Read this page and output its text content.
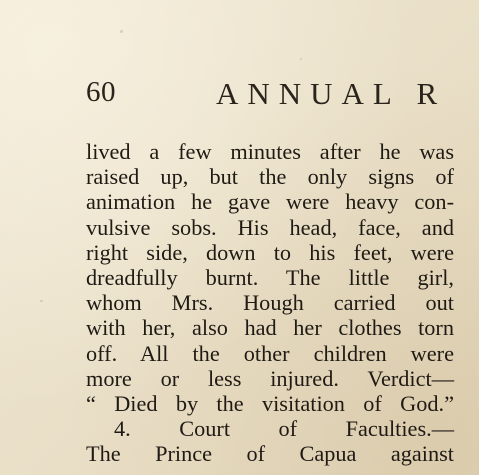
60	ANNUAL R
lived a few minutes after he was
raised up, but the only signs of
animation he gave were heavy con-
vulsive sobs. His head, face, and
right side, down to his feet, were
dreadfully burnt. The little girl,
whom Mrs. Hough carried out
with her, also had her clothes torn
off. All the other children were
more or less injured. Verdict—
“ Died by the visitation of God.”
4. Court of Faculties.—
The Prince of Capua against
